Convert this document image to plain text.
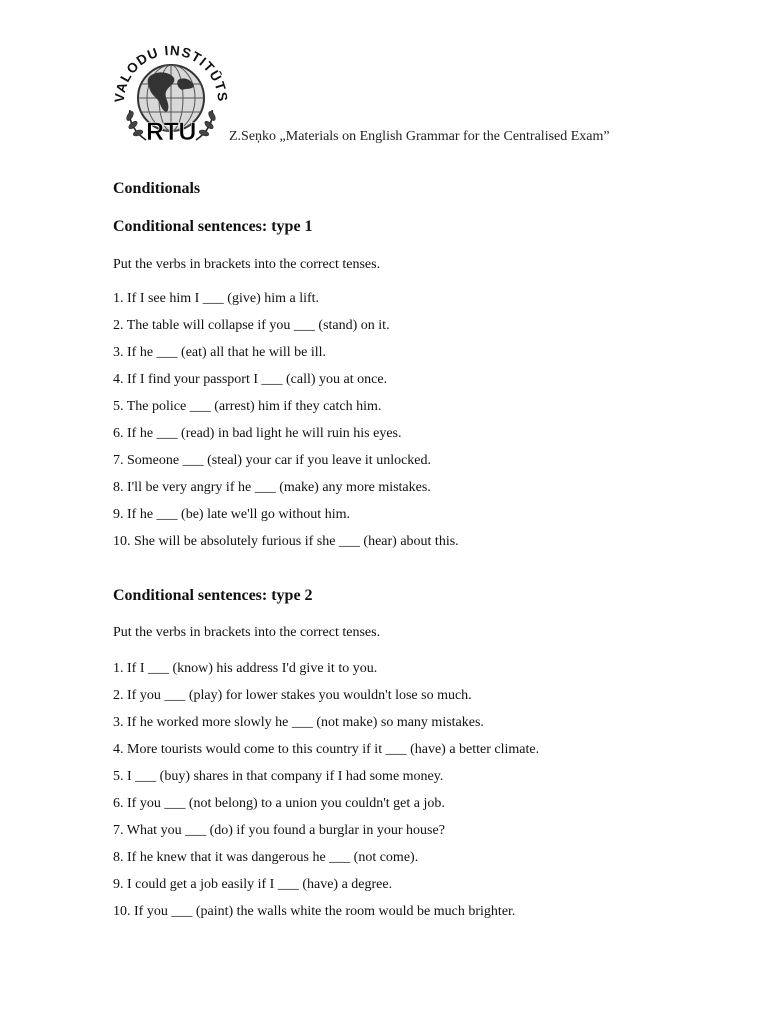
VALODU INSTITŪTS
RTU Z.Seņko „Materials on English Grammar for the Centralised Exam”
Conditionals
Conditional sentences: type 1
Put the verbs in brackets into the correct tenses.
1. If I see him I ___ (give) him a lift.
2. The table will collapse if you ___ (stand) on it.
3. If he ___ (eat) all that he will be ill.
4. If I find your passport I ___ (call) you at once.
5. The police ___ (arrest) him if they catch him.
6. If he ___ (read) in bad light he will ruin his eyes.
7. Someone ___ (steal) your car if you leave it unlocked.
8. I'll be very angry if he ___ (make) any more mistakes.
9. If he ___ (be) late we'll go without him.
10. She will be absolutely furious if she ___ (hear) about this.
Conditional sentences: type 2
Put the verbs in brackets into the correct tenses.
1. If I ___ (know) his address I'd give it to you.
2. If you ___ (play) for lower stakes you wouldn't lose so much.
3. If he worked more slowly he ___ (not make) so many mistakes.
4. More tourists would come to this country if it ___ (have) a better climate.
5. I ___ (buy) shares in that company if I had some money.
6. If you ___ (not belong) to a union you couldn't get a job.
7. What you ___ (do) if you found a burglar in your house?
8. If he knew that it was dangerous he ___ (not come).
9. I could get a job easily if I ___ (have) a degree.
10. If you ___ (paint) the walls white the room would be much brighter.
